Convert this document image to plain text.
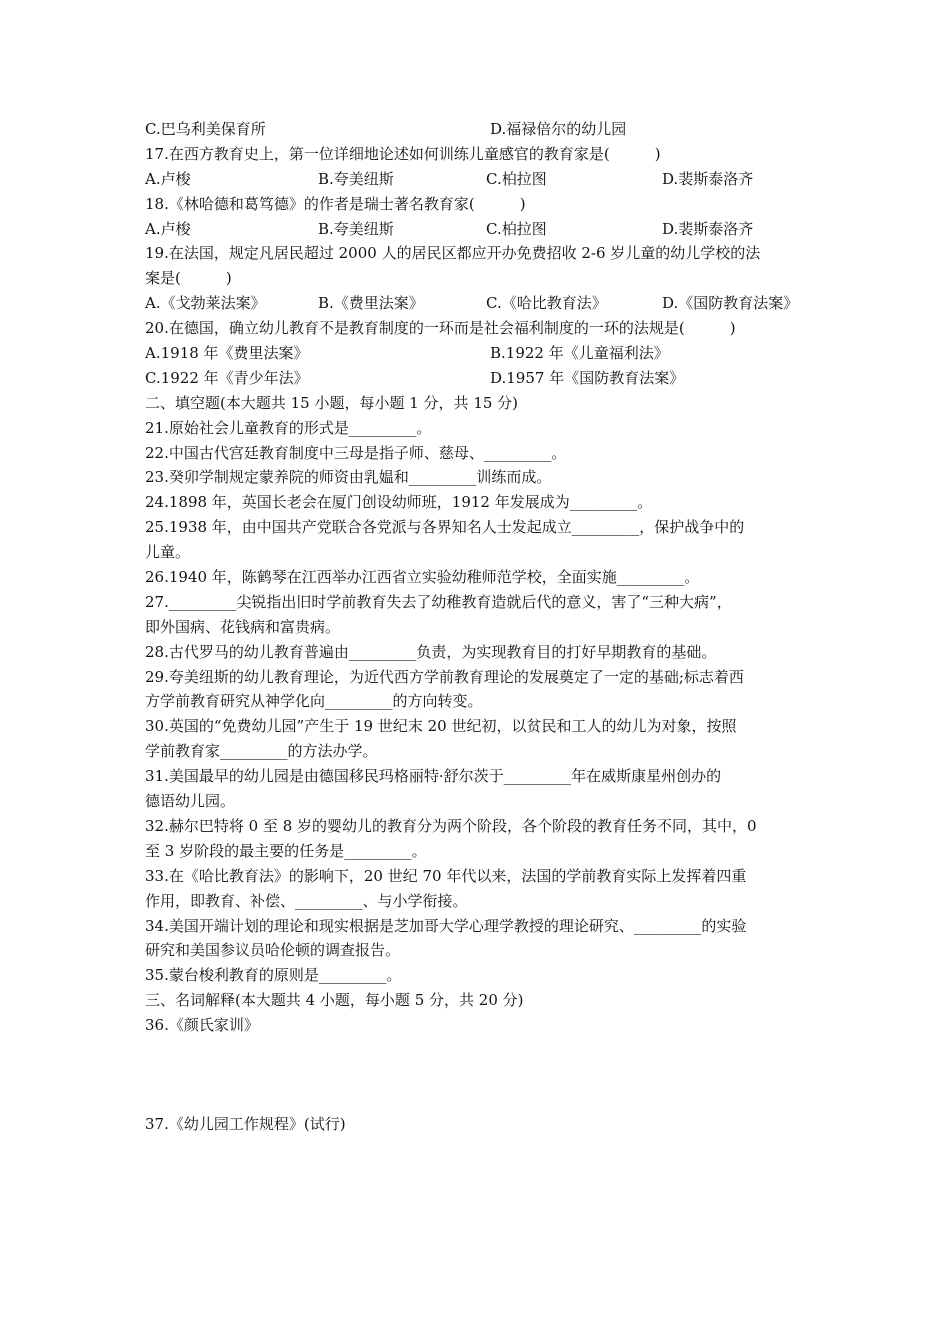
C.巴乌利美保育所	D.福禄倍尔的幼儿园
17.在西方教育史上，第一位详细地论述如何训练儿童感官的教育家是(　　　)
A.卢梭	B.夸美纽斯	C.柏拉图	D.裴斯泰洛齐
18.《林哈德和葛笃德》的作者是瑞士著名教育家(　　　)
A.卢梭	B.夸美纽斯	C.柏拉图	D.裴斯泰洛齐
19.在法国，规定凡居民超过 2000 人的居民区都应开办免费招收 2-6 岁儿童的幼儿学校的法
案是(　　　)
A.《戈勃莱法案》	B.《费里法案》	C.《哈比教育法》	D.《国防教育法案》
20.在德国，确立幼儿教育不是教育制度的一环而是社会福利制度的一环的法规是(　　　)
A.1918 年《费里法案》	B.1922 年《儿童福利法》
C.1922 年《青少年法》	D.1957 年《国防教育法案》
二、填空题(本大题共 15 小题，每小题 1 分，共 15 分)
21.原始社会儿童教育的形式是_________。
22.中国古代宫廷教育制度中三母是指子师、慈母、_________。
23.癸卯学制规定蒙养院的师资由乳媪和_________训练而成。
24.1898 年，英国长老会在厦门创设幼师班，1912 年发展成为_________。
25.1938 年，由中国共产党联合各党派与各界知名人士发起成立_________，保护战争中的
儿童。
26.1940 年，陈鹤琴在江西举办江西省立实验幼稚师范学校，全面实施_________。
27._________尖锐指出旧时学前教育失去了幼稚教育造就后代的意义，害了“三种大病”，
即外国病、花钱病和富贵病。
28.古代罗马的幼儿教育普遍由_________负责，为实现教育目的打好早期教育的基础。
29.夸美纽斯的幼儿教育理论，为近代西方学前教育理论的发展奠定了一定的基础;标志着西
方学前教育研究从神学化向_________的方向转变。
30.英国的“免费幼儿园”产生于 19 世纪末 20 世纪初，以贫民和工人的幼儿为对象，按照
学前教育家_________的方法办学。
31.美国最早的幼儿园是由德国移民玛格丽特·舒尔茨于_________年在威斯康星州创办的
德语幼儿园。
32.赫尔巴特将 0 至 8 岁的婴幼儿的教育分为两个阶段，各个阶段的教育任务不同，其中，0
至 3 岁阶段的最主要的任务是_________。
33.在《哈比教育法》的影响下，20 世纪 70 年代以来，法国的学前教育实际上发挥着四重
作用，即教育、补偿、_________、与小学衔接。
34.美国开端计划的理论和现实根据是芝加哥大学心理学教授的理论研究、_________的实验
研究和美国参议员哈伦顿的调查报告。
35.蒙台梭利教育的原则是_________。
三、名词解释(本大题共 4 小题，每小题 5 分，共 20 分)
36.《颜氏家训》
37.《幼儿园工作规程》(试行)
